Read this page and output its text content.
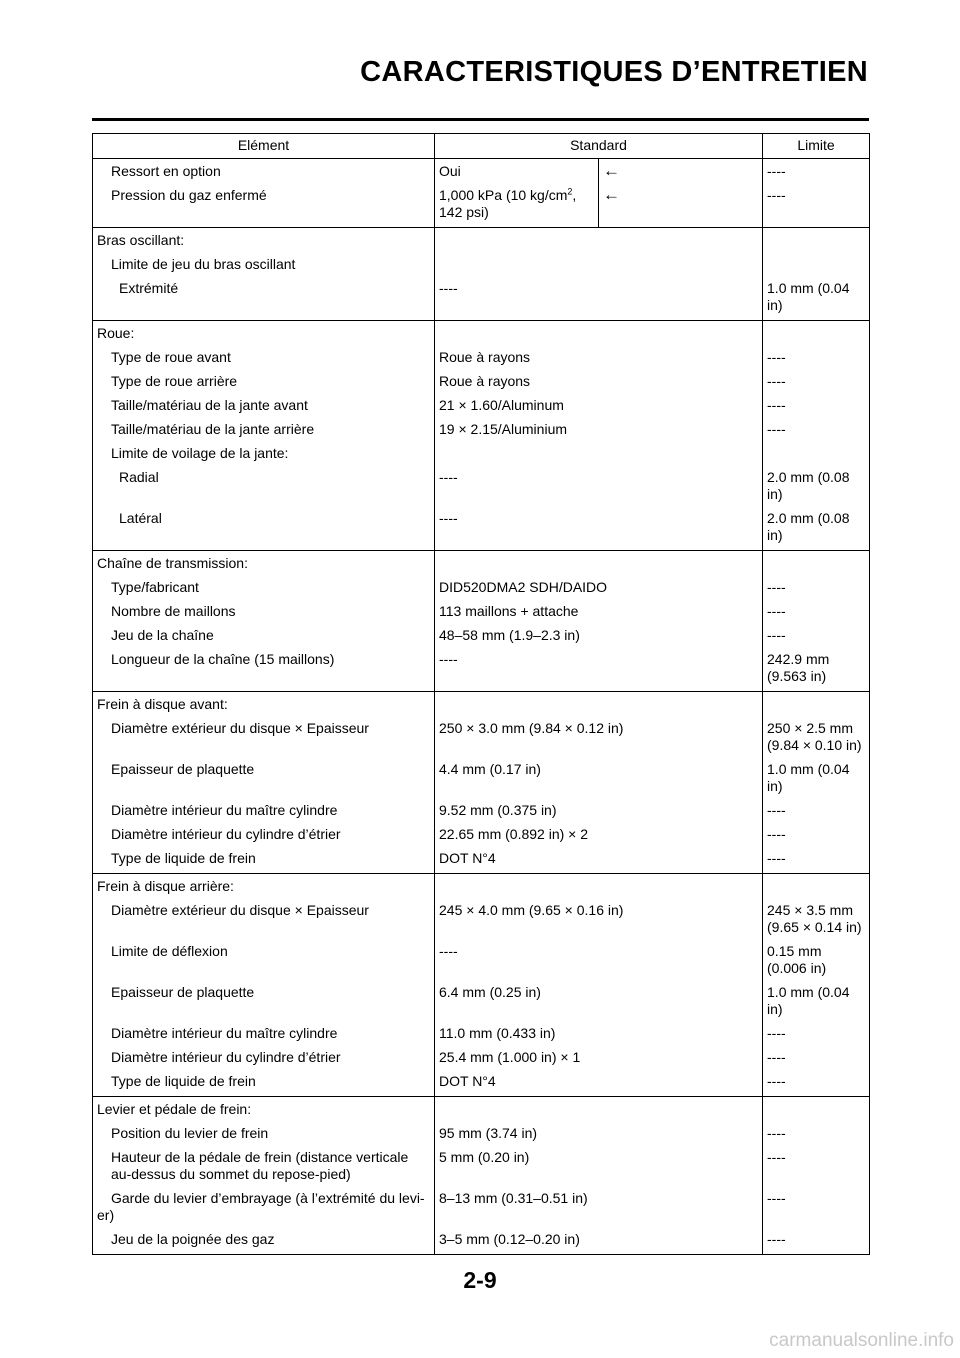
CARACTERISTIQUES D’ENTRETIEN
Elément	Standard		Limite
Ressort en option	Oui	←	----
Pression du gaz enfermé	1,000 kPa (10 $kg/cm^2$,
142 psi)	←	----
Bras oscillant:			
Limite de jeu du bras oscillant			
Extrémité	----		1.0 mm (0.04
in)
Roue:			
Type de roue avant	Roue à rayons		----
Type de roue arrière	Roue à rayons		----
Taille/matériau de la jante avant	21 × 1.60/Aluminum		----
Taille/matériau de la jante arrière	19 × 2.15/Aluminium		----
Limite de voilage de la jante:			
Radial	----		2.0 mm (0.08
in)
Latéral	----		2.0 mm (0.08
in)
Chaîne de transmission:			
Type/fabricant	DID520DMA2 SDH/DAIDO		----
Nombre de maillons	113 maillons + attache		----
Jeu de la chaîne	48–58 mm (1.9–2.3 in)		----
Longueur de la chaîne (15 maillons)	----		242.9 mm
(9.563 in)
Frein à disque avant:			
Diamètre extérieur du disque × Epaisseur	250 × 3.0 mm (9.84 × 0.12 in)		250 × 2.5 mm
(9.84 × 0.10 in)
Epaisseur de plaquette	4.4 mm (0.17 in)		1.0 mm (0.04
in)
Diamètre intérieur du maître cylindre	9.52 mm (0.375 in)		----
Diamètre intérieur du cylindre d’étrier	22.65 mm (0.892 in) × 2		----
Type de liquide de frein	DOT N°4		----
Frein à disque arrière:			
Diamètre extérieur du disque × Epaisseur	245 × 4.0 mm (9.65 × 0.16 in)		245 × 3.5 mm
(9.65 × 0.14 in)
Limite de déflexion	----		0.15 mm
(0.006 in)
Epaisseur de plaquette	6.4 mm (0.25 in)		1.0 mm (0.04
in)
Diamètre intérieur du maître cylindre	11.0 mm (0.433 in)		----
Diamètre intérieur du cylindre d’étrier	25.4 mm (1.000 in) × 1		----
Type de liquide de frein	DOT N°4		----
Levier et pédale de frein:			
Position du levier de frein	95 mm (3.74 in)		----
Hauteur de la pédale de frein (distance verticale
au-dessus du sommet du repose-pied)	5 mm (0.20 in)		----
Garde du levier d’embrayage (à l’extrémité du levi-
er)	8–13 mm (0.31–0.51 in)		----
Jeu de la poignée des gaz	3–5 mm (0.12–0.20 in)		----
2-9
carmanualsonline.info
